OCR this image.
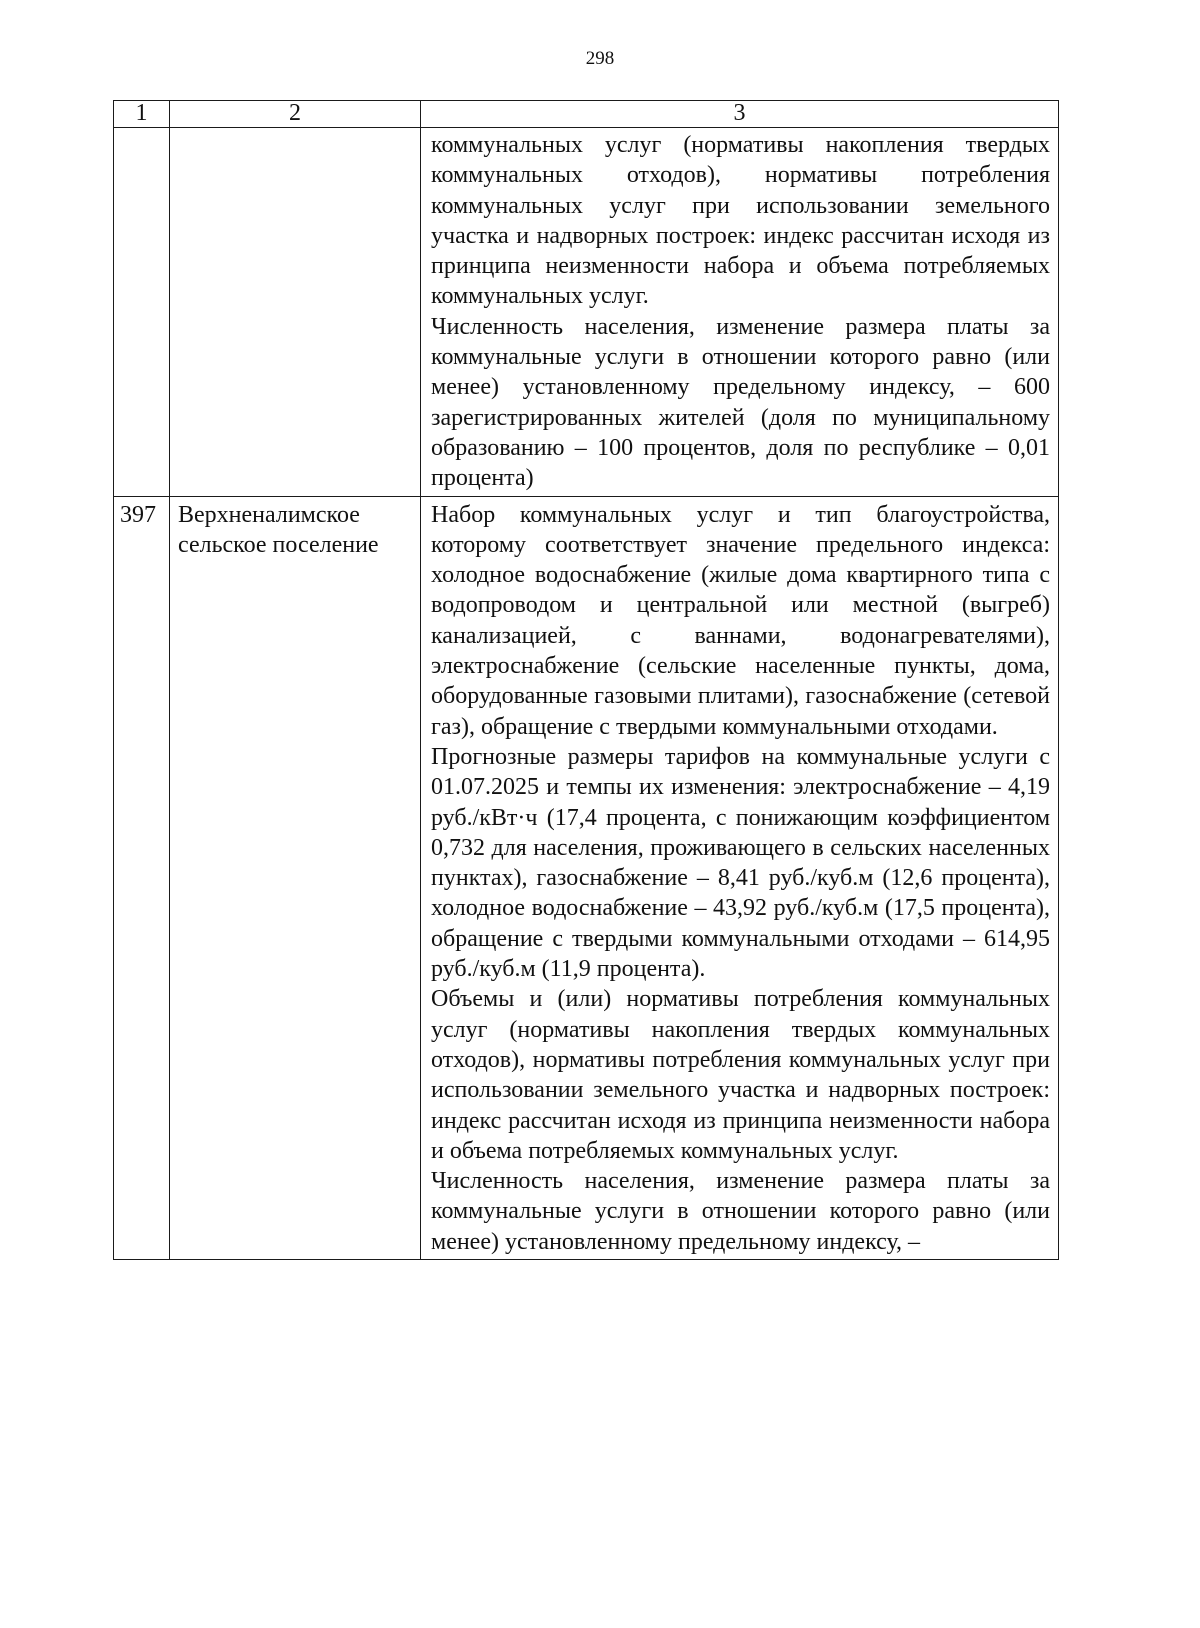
298
1	2	3

		коммунальных услуг (нормативы накопления твердых коммунальных отходов), нормативы потребления коммунальных услуг при использовании земельного участка и надворных построек: индекс рассчитан исходя из принципа неизменности набора и объема потребляемых коммунальных услуг.

Численность населения, изменение размера платы за коммунальные услуги в отношении которого равно (или менее) установленному предельному индексу, – 600 зарегистрированных жителей (доля по муниципальному образованию – 100 процентов, доля по республике – 0,01 процента)

397	Верхненалимское сельское поселение	Набор коммунальных услуг и тип благоустройства, которому соответствует значение предельного индекса: холодное водоснабжение (жилые дома квартирного типа с водопроводом и центральной или местной (выгреб) канализацией, с ваннами, водонагревателями), электроснабжение (сельские населенные пункты, дома, оборудованные газовыми плитами), газоснабжение (сетевой газ), обращение с твердыми коммунальными отходами.

Прогнозные размеры тарифов на коммунальные услуги с 01.07.2025 и темпы их изменения: электроснабжение – 4,19 руб./кВт·ч (17,4 процента, с понижающим коэффициентом 0,732 для населения, проживающего в сельских населенных пунктах), газоснабжение – 8,41 руб./куб.м (12,6 процента), холодное водоснабжение – 43,92 руб./куб.м (17,5 процента), обращение с твердыми коммунальными отходами – 614,95 руб./куб.м (11,9 процента).

Объемы и (или) нормативы потребления коммунальных услуг (нормативы накопления твердых коммунальных отходов), нормативы потребления коммунальных услуг при использовании земельного участка и надворных построек: индекс рассчитан исходя из принципа неизменности набора и объема потребляемых коммунальных услуг.

Численность населения, изменение размера платы за коммунальные услуги в отношении которого равно (или менее) установленному предельному индексу, –
